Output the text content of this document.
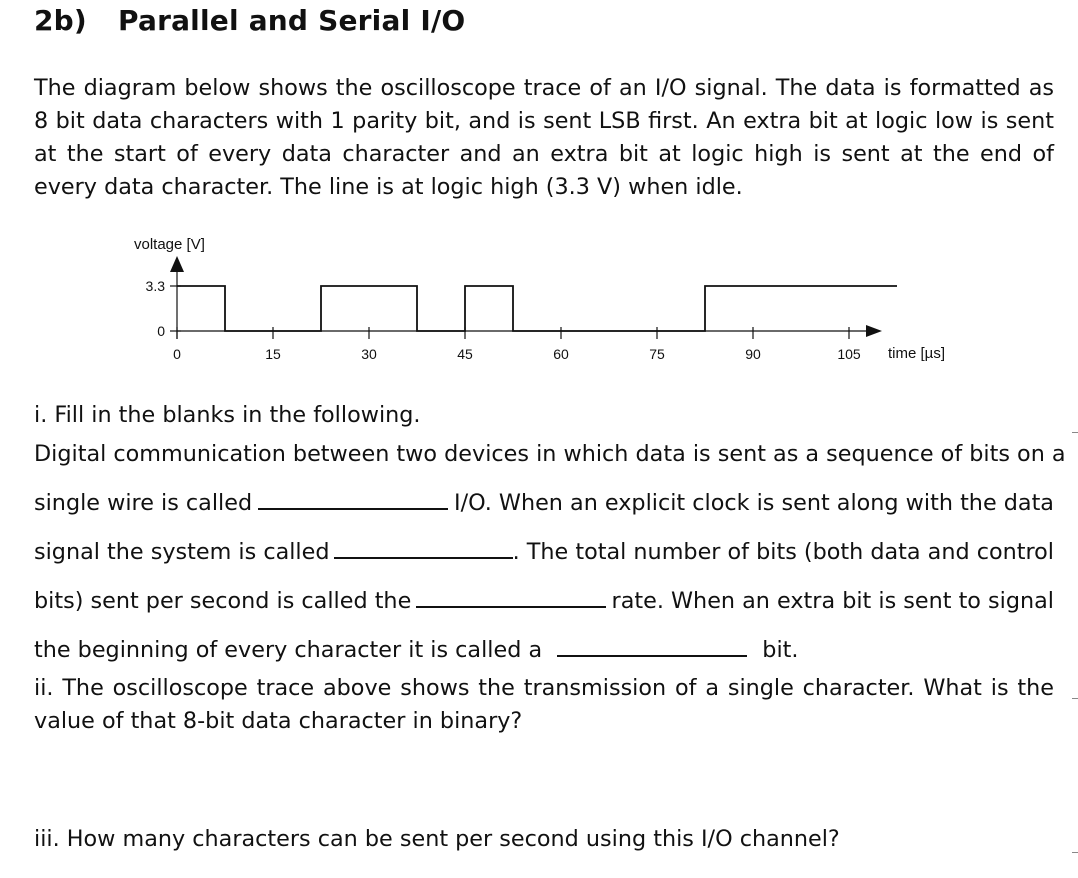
2b) Parallel and Serial I/O
The diagram below shows the oscilloscope trace of an I/O signal. The data is formatted as 8 bit data characters with 1 parity bit, and is sent LSB first. An extra bit at logic low is sent at the start of every data character and an extra bit at logic high is sent at the end of every data character. The line is at logic high (3.3 V) when idle.
voltage [V]
time [µs]
3.3
0
0	15	30	45	60	75	90	105
i. Fill in the blanks in the following.
Digital communication between two devices in which data is sent as a sequence of bits on a
single wire is called	I/O. When an explicit clock is sent along with the data
signal the system is called	. The total number of bits (both data and control
bits) sent per second is called the	rate. When an extra bit is sent to signal
the beginning of every character it is called a	bit.
ii. The oscilloscope trace above shows the transmission of a single character. What is the value of that 8-bit data character in binary?
iii. How many characters can be sent per second using this I/O channel?
